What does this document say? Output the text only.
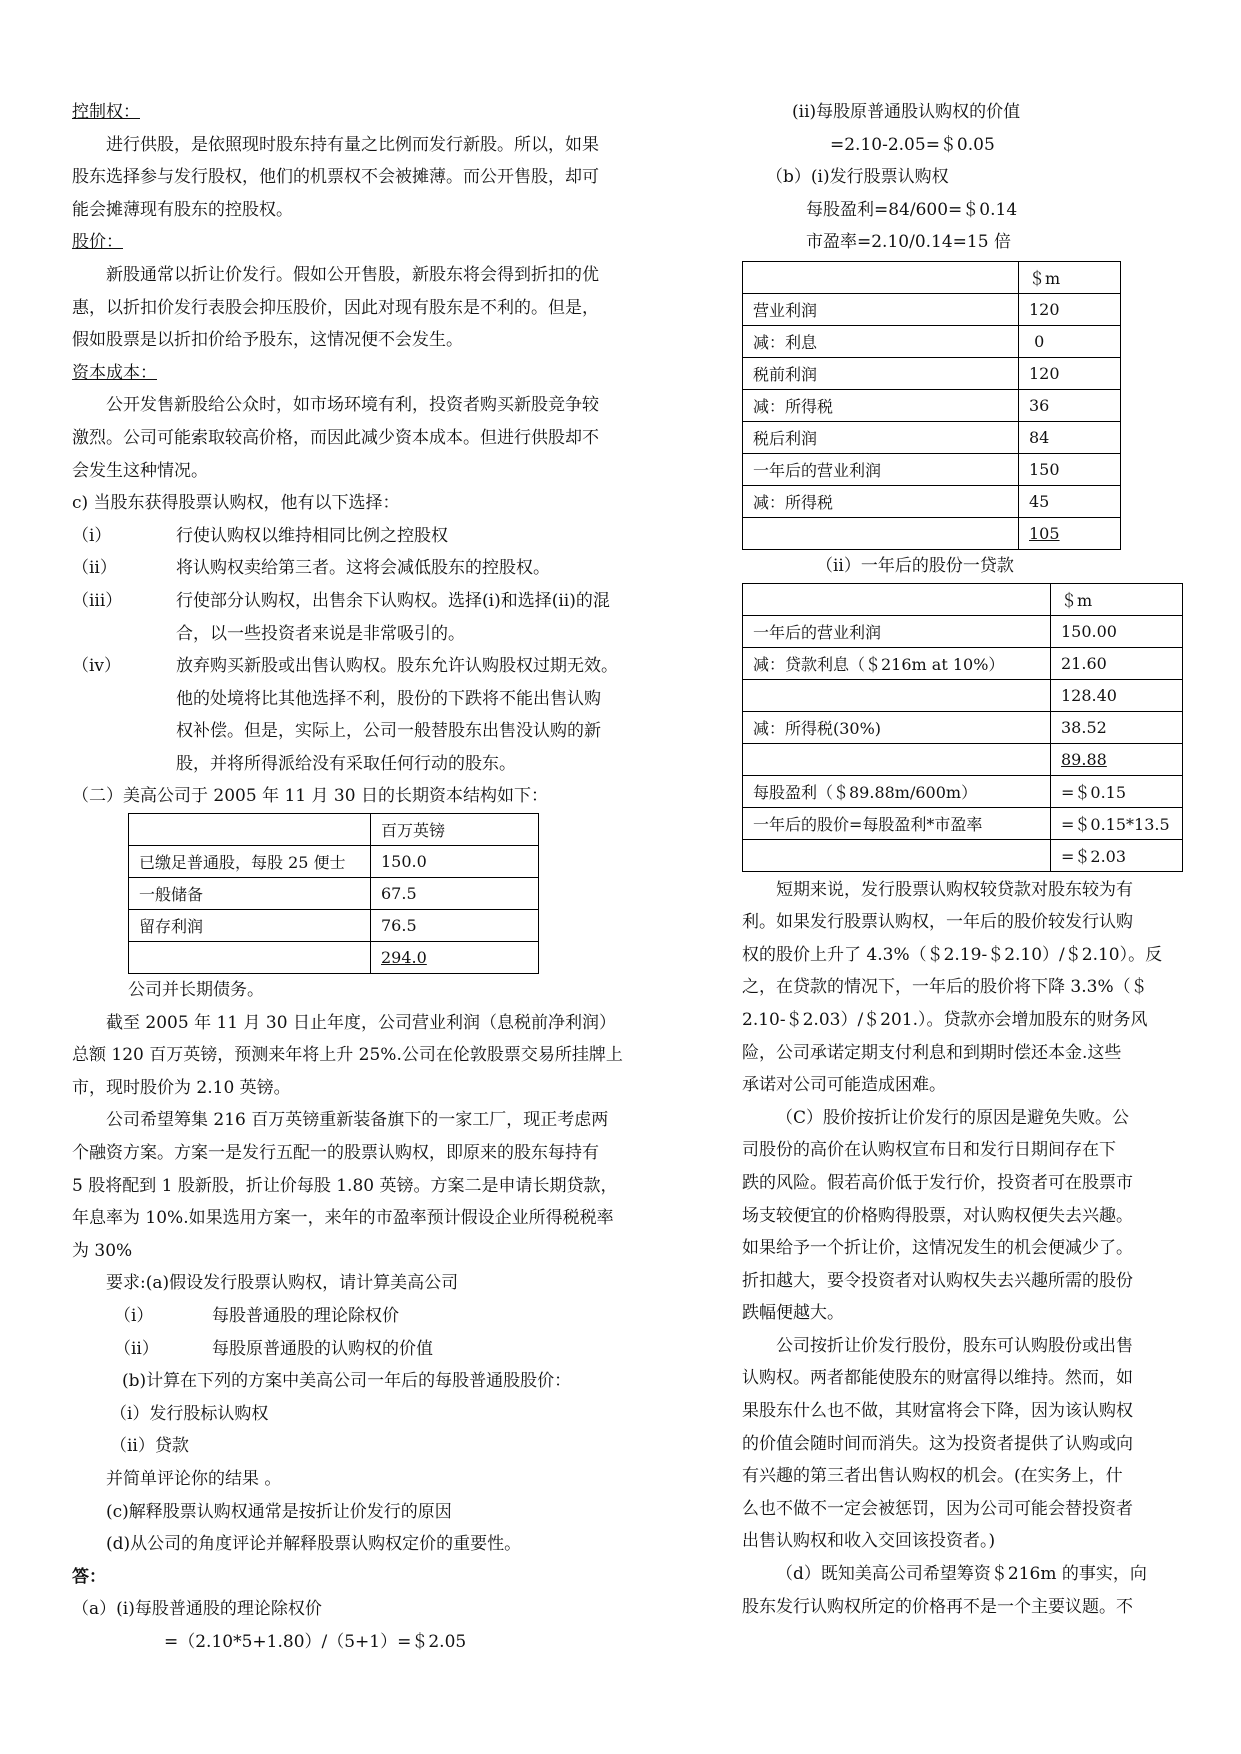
控制权：
进行供股，是依照现时股东持有量之比例而发行新股。所以，如果
股东选择参与发行股权，他们的机票权不会被摊薄。而公开售股，却可
能会摊薄现有股东的控股权。
股价：
新股通常以折让价发行。假如公开售股，新股东将会得到折扣的优
惠，以折扣价发行表股会抑压股价，因此对现有股东是不利的。但是，
假如股票是以折扣价给予股东，这情况便不会发生。
资本成本：
公开发售新股给公众时，如市场环境有利，投资者购买新股竞争较
激烈。公司可能索取较高价格，而因此减少资本成本。但进行供股却不
会发生这种情况。
c) 当股东获得股票认购权，他有以下选择：
（i）	行使认购权以维持相同比例之控股权
（ii）	将认购权卖给第三者。这将会减低股东的控股权。
（iii）	行使部分认购权，出售余下认购权。选择(i)和选择(ii)的混
合，以一些投资者来说是非常吸引的。
（iv）	放弃购买新股或出售认购权。股东允许认购股权过期无效。
他的处境将比其他选择不利，股份的下跌将不能出售认购
权补偿。但是，实际上，公司一般替股东出售没认购的新
股，并将所得派给没有采取任何行动的股东。
（二）美高公司于 2005 年 11 月 30 日的长期资本结构如下：
	百万英镑
已缴足普通股，每股 25 便士	150.0
一般储备	67.5
留存利润	76.5
	294.0
公司并长期债务。
截至 2005 年 11 月 30 日止年度，公司营业利润（息税前净利润）
总额 120 百万英镑，预测来年将上升 25%.公司在伦敦股票交易所挂牌上
市，现时股价为 2.10 英镑。
公司希望筹集 216 百万英镑重新装备旗下的一家工厂，现正考虑两
个融资方案。方案一是发行五配一的股票认购权，即原来的股东每持有
5 股将配到 1 股新股，折让价每股 1.80 英镑。方案二是申请长期贷款，
年息率为 10%.如果选用方案一，来年的市盈率预计假设企业所得税税率
为 30%
要求:(a)假设发行股票认购权，请计算美高公司
（i）	每股普通股的理论除权价
（ii）	每股原普通股的认购权的价值
(b)计算在下列的方案中美高公司一年后的每股普通股股价：
（i）发行股标认购权
（ii）贷款
并简单评论你的结果 。
(c)解释股票认购权通常是按折让价发行的原因
(d)从公司的角度评论并解释股票认购权定价的重要性。
答：
（a）(i)每股普通股的理论除权价
=（2.10*5+1.80）/（5+1）=＄2.05
(ii)每股原普通股认购权的价值
=2.10-2.05=＄0.05
（b）(i)发行股票认购权
每股盈利=84/600=＄0.14
市盈率=2.10/0.14=15 倍
	＄m
营业利润	120
减：利息	0
税前利润	120
减：所得税	36
税后利润	84
一年后的营业利润	150
减：所得税	45
	105
（ii）一年后的股份一贷款
	＄m
一年后的营业利润	150.00
减：贷款利息（＄216m at 10%）	21.60
	128.40
减：所得税(30%)	38.52
	89.88
每股盈利（＄89.88m/600m）	=＄0.15
一年后的股价=每股盈利*市盈率	=＄0.15*13.5
	=＄2.03
短期来说，发行股票认购权较贷款对股东较为有
利。如果发行股票认购权，一年后的股价较发行认购
权的股价上升了 4.3%（＄2.19-＄2.10）/＄2.10）。反
之，在贷款的情况下，一年后的股价将下降 3.3%（＄
2.10-＄2.03）/＄201.）。贷款亦会增加股东的财务风
险，公司承诺定期支付利息和到期时偿还本金.这些
承诺对公司可能造成困难。
（C）股价按折让价发行的原因是避免失败。公
司股份的高价在认购权宣布日和发行日期间存在下
跌的风险。假若高价低于发行价，投资者可在股票市
场支较便宜的价格购得股票，对认购权便失去兴趣。
如果给予一个折让价，这情况发生的机会便减少了。
折扣越大，要令投资者对认购权失去兴趣所需的股份
跌幅便越大。
公司按折让价发行股份，股东可认购股份或出售
认购权。两者都能使股东的财富得以维持。然而，如
果股东什么也不做，其财富将会下降，因为该认购权
的价值会随时间而消失。这为投资者提供了认购或向
有兴趣的第三者出售认购权的机会。(在实务上，什
么也不做不一定会被惩罚，因为公司可能会替投资者
出售认购权和收入交回该投资者。)
（d）既知美高公司希望筹资＄216m 的事实，向
股东发行认购权所定的价格再不是一个主要议题。不
